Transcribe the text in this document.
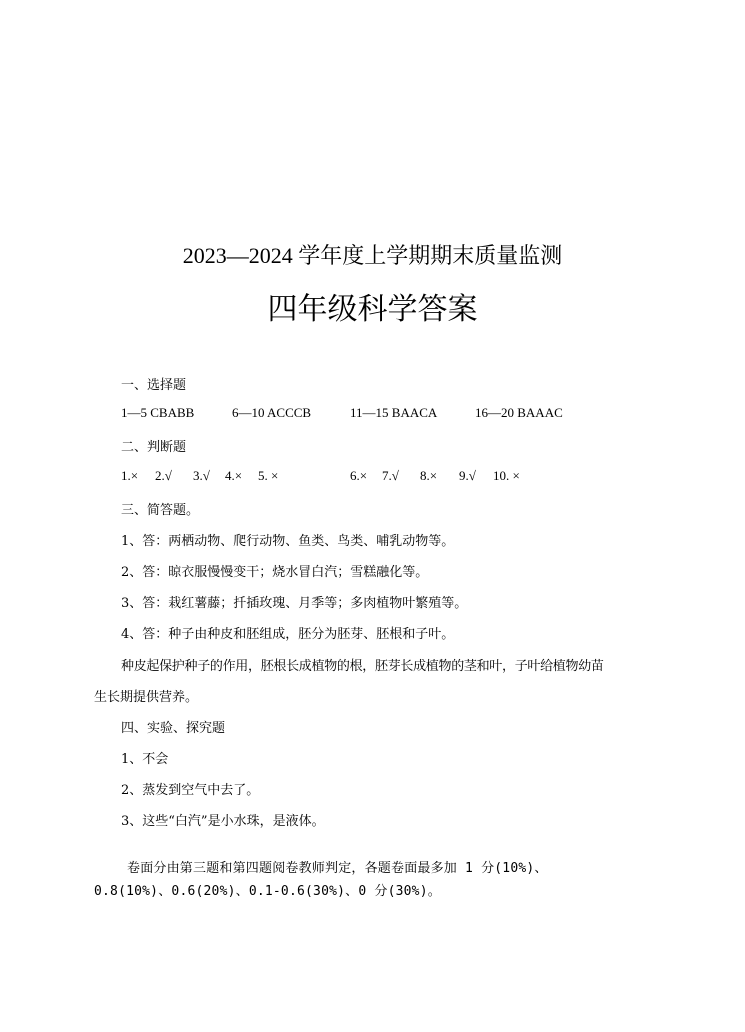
2023—2024 学年度上学期期末质量监测
四年级科学答案
一、选择题
1—5 CBABB	6—10 ACCCB	11—15 BAACA	16—20 BAAAC
二、判断题
1.× 2.√ 3.√ 4.× 5. ×	6.× 7.√ 8.× 9.√ 10. ×
三、简答题。
1、答：两栖动物、爬行动物、鱼类、鸟类、哺乳动物等。
2、答：晾衣服慢慢变干；烧水冒白汽；雪糕融化等。
3、答：栽红薯藤；扦插玫瑰、月季等；多肉植物叶繁殖等。
4、答：种子由种皮和胚组成，胚分为胚芽、胚根和子叶。
种皮起保护种子的作用，胚根长成植物的根，胚芽长成植物的茎和叶，子叶给植物幼苗
生长期提供营养。
四、实验、探究题
1、不会
2、蒸发到空气中去了。
3、这些“白汽”是小水珠，是液体。
卷面分由第三题和第四题阅卷教师判定，各题卷面最多加 1 分(10%)、
0.8(10%)、0.6(20%)、0.1-0.6(30%)、0 分(30%)。
